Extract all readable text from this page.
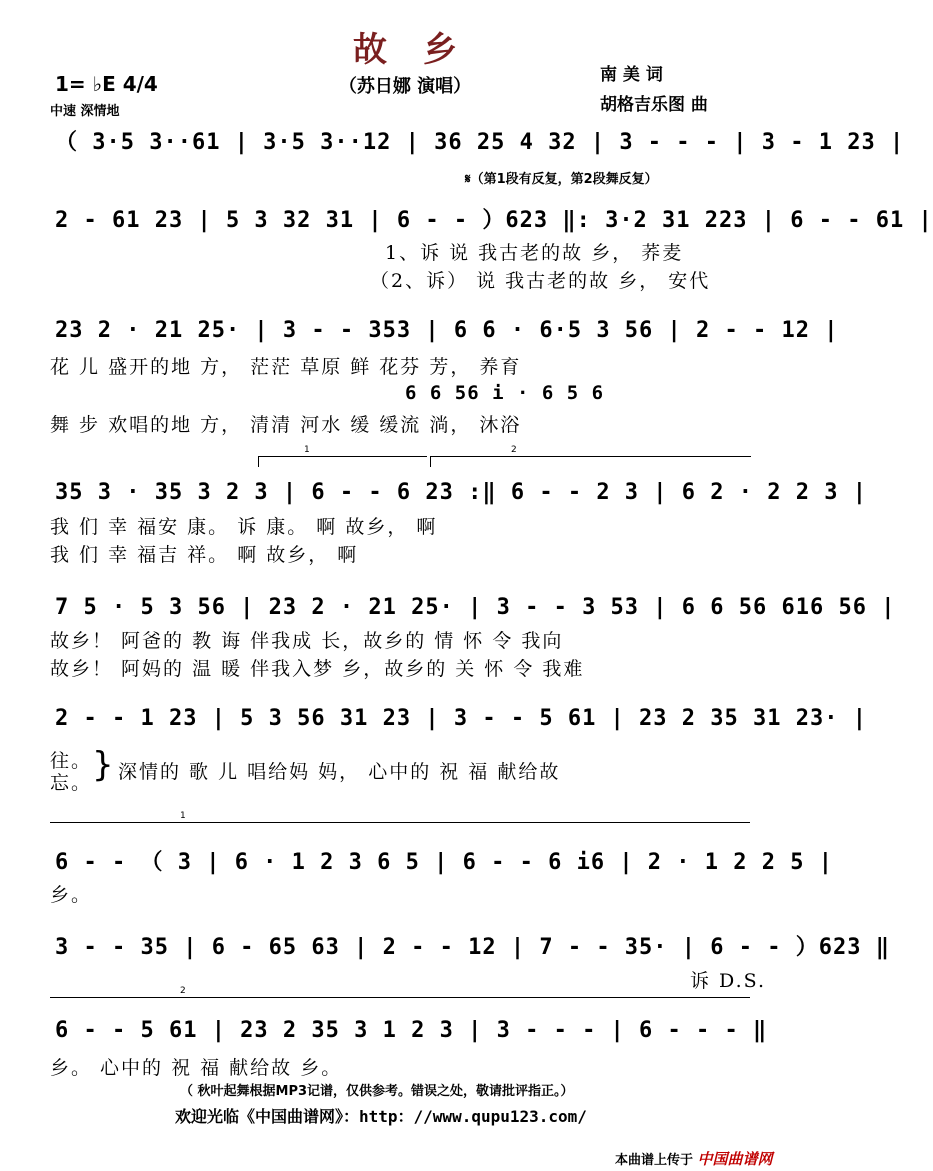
故乡
（苏日娜 演唱）
南 美 词
胡格吉乐图 曲
1= ♭E 4/4
中速 深情地
（ 3·5 3··61 | 3·5 3··12 | 36 25 4 32 | 3 - - - | 3 - 1 23 |
𝄋（第1段有反复，第2段舞反复）
2 - 61 23 | 5 3 32 31 | 6 - - ）623 ‖: 3·2 31 223 | 6 - - 61 |
1、诉 说 我古老的故 乡， 荞麦
（2、诉） 说 我古老的故 乡， 安代
23 2 · 21 25· | 3 - - 353 | 6 6 · 6·5 3 56 | 2 - - 12 |
花 儿 盛开的地 方， 茫茫 草原 鲜 花芬 芳， 养育
6 6 56 i · 6 5 6
舞 步 欢唱的地 方， 清清 河水 缓 缓流 淌， 沐浴
1	2
35 3 · 35 3 2 3 | 6 - - 6 23 :‖ 6 - - 2 3 | 6 2 · 2 2 3 |
我 们 幸 福安 康。 诉 康。 啊 故乡， 啊
我 们 幸 福吉 祥。 啊 故乡， 啊
7 5 · 5 3 56 | 23 2 · 21 25· | 3 - - 3 53 | 6 6 56 616 56 |
故乡！ 阿爸的 教 诲 伴我成 长，故乡的 情 怀 令 我向
故乡！ 阿妈的 温 暖 伴我入梦 乡，故乡的 关 怀 令 我难
2 - - 1 23 | 5 3 56 31 23 | 3 - - 5 61 | 23 2 35 31 23· |
往。
忘。 } 深情的 歌 儿 唱给妈 妈， 心中的 祝 福 献给故
1
6 - - （ 3 | 6 · 1 2 3 6 5 | 6 - - 6 i6 | 2 · 1 2 2 5 |
乡。
3 - - 35 | 6 - 65 63 | 2 - - 12 | 7 - - 35· | 6 - - ）623 ‖
诉 D.S.
2
6 - - 5 61 | 23 2 35 3 1 2 3 | 3 - - - | 6 - - - ‖
乡。 心中的 祝 福 献给故 乡。
（ 秋叶起舞根据MP3记谱，仅供参考。错误之处，敬请批评指正。）
欢迎光临《中国曲谱网》：http：//www.qupu123.com/
本曲谱上传于 中国曲谱网
